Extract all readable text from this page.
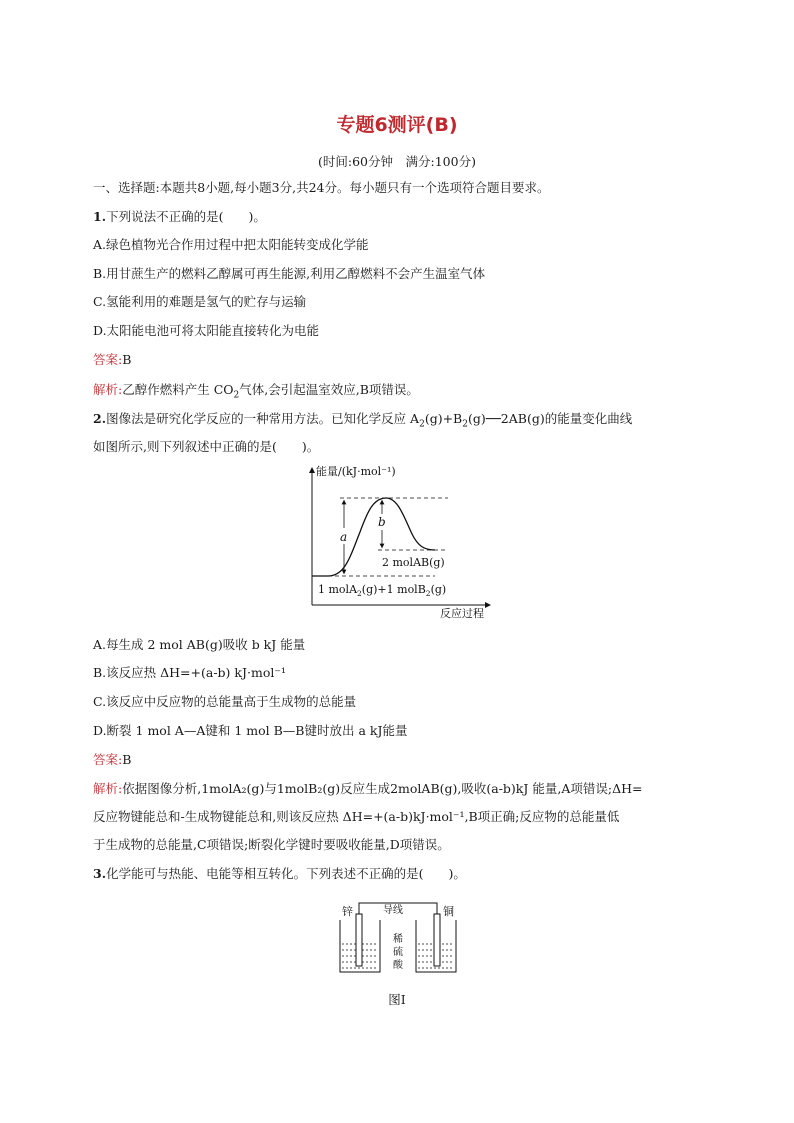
专题6测评(B)
(时间:60分钟　满分:100分)
一、选择题:本题共8小题,每小题3分,共24分。每小题只有一个选项符合题目要求。
1.下列说法不正确的是(　　)。
A.绿色植物光合作用过程中把太阳能转变成化学能
B.用甘蔗生产的燃料乙醇属可再生能源,利用乙醇燃料不会产生温室气体
C.氢能利用的难题是氢气的贮存与运输
D.太阳能电池可将太阳能直接转化为电能
答案:B
解析:乙醇作燃料产生 $CO_2$气体,会引起温室效应,B项错误。
2.图像法是研究化学反应的一种常用方法。已知化学反应 $A_2(g)+B_2(g)──2AB(g)$的能量变化曲线
如图所示,则下列叙述中正确的是(　　)。
能量/(kJ·mol⁻¹)
反应过程
a
b
2 molAB(g)
1 molA$_2$(g)+1 molB$_2$(g)
A.每生成 2 mol AB(g)吸收 b kJ 能量
B.该反应热 ΔH=+(a-b) kJ·mol⁻¹
C.该反应中反应物的总能量高于生成物的总能量
D.断裂 1 mol A—A键和 1 mol B—B键时放出 a kJ能量
答案:B
解析:依据图像分析,1molA₂(g)与1molB₂(g)反应生成2molAB(g),吸收(a-b)kJ 能量,A项错误;ΔH=
反应物键能总和-生成物键能总和,则该反应热 ΔH=+(a-b)kJ·mol⁻¹,B项正确;反应物的总能量低
于生成物的总能量,C项错误;断裂化学键时要吸收能量,D项错误。
3.化学能可与热能、电能等相互转化。下列表述不正确的是(　　)。
导线
锌	铜
稀
硫
酸
图Ⅰ
